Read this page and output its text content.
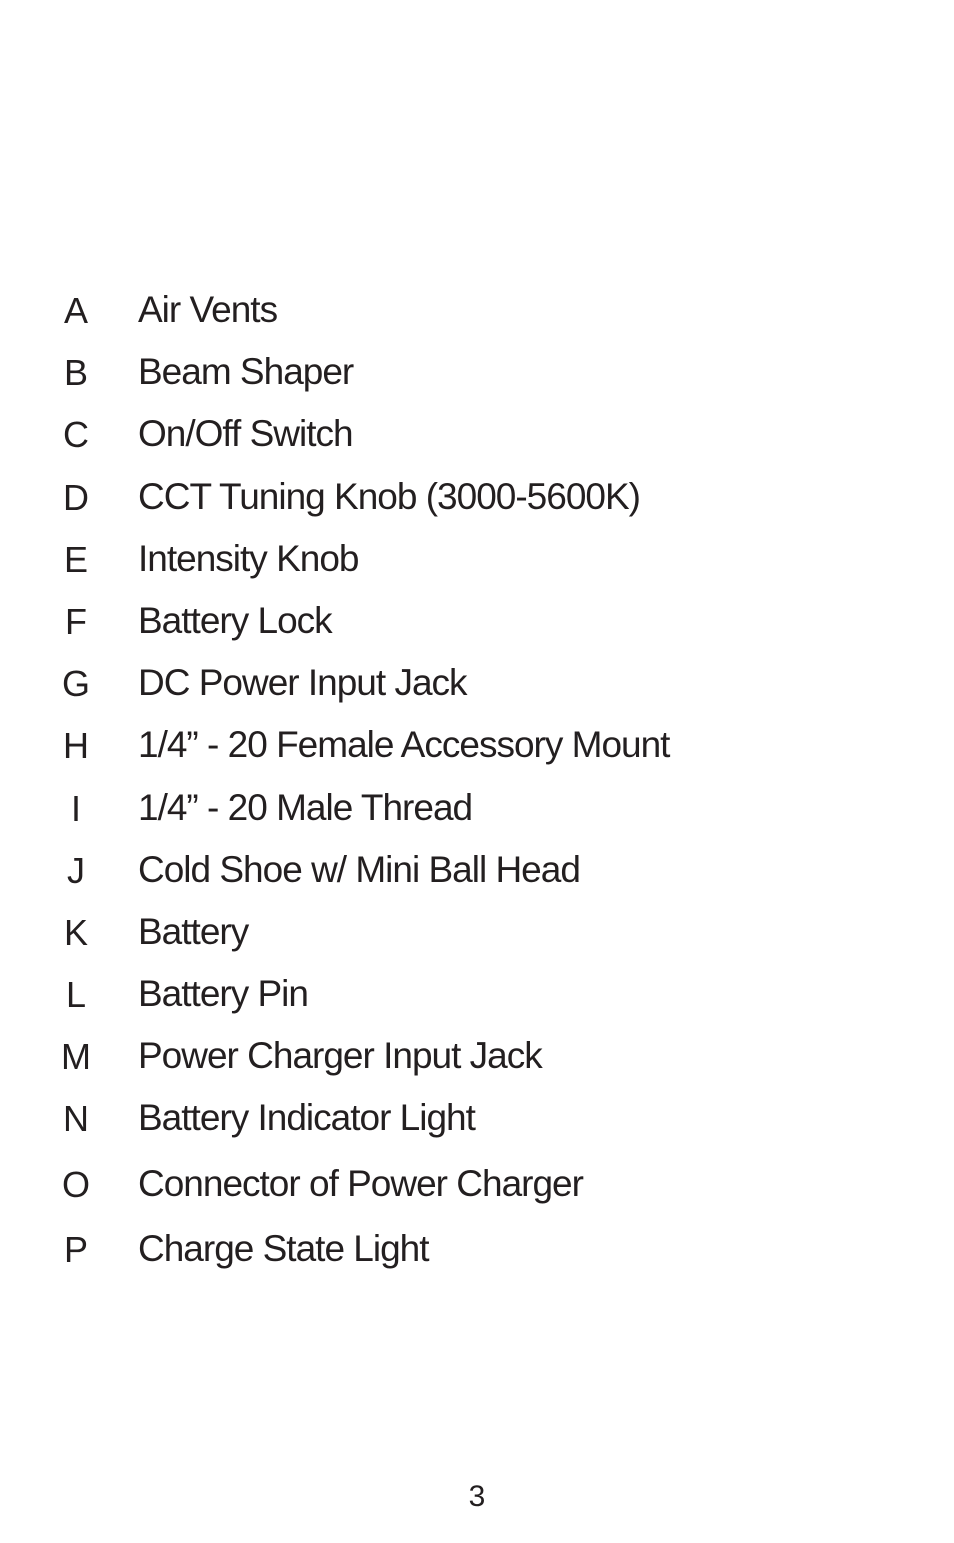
A	Air Vents
B	Beam Shaper
C	On/Off Switch
D	CCT Tuning Knob (3000-5600K)
E	Intensity Knob
F	Battery Lock
G	DC Power Input Jack
H	1/4” - 20 Female Accessory Mount
I	1/4” - 20 Male Thread
J	Cold Shoe w/ Mini Ball Head
K	Battery
L	Battery Pin
M	Power Charger Input Jack
N	Battery Indicator Light
O	Connector of Power Charger
P	Charge State Light
3
